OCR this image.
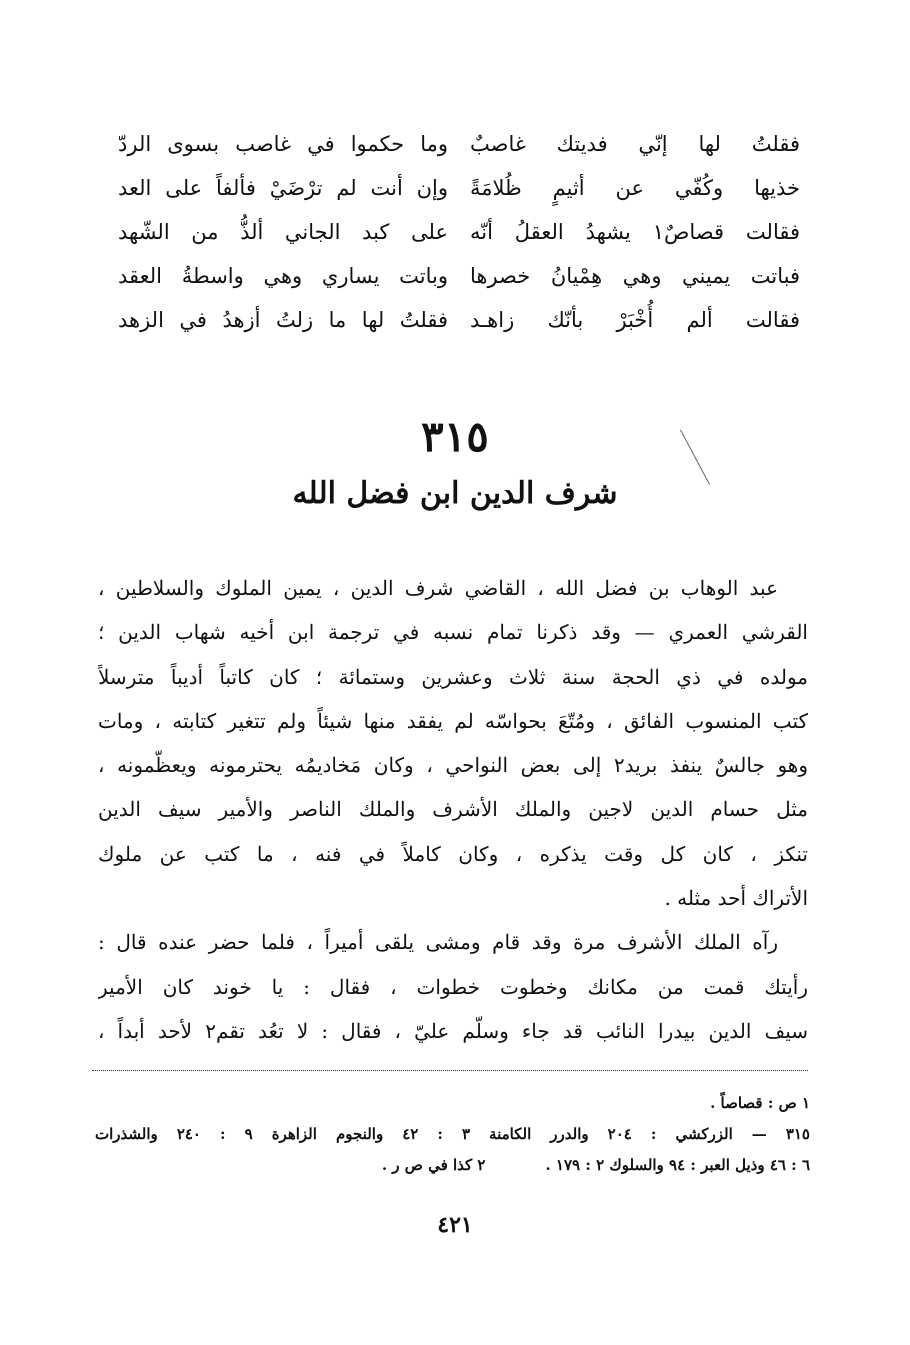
فقلتُ لها إنّي فديتك غاصبٌ
وما حكموا في غاصب بسوى الردّ
خذيها وكُفّي عن أثيمٍ ظُلامَةً
وإن أنت لم ترْضَيْ فألفاً على العد
فقالت قصاصٌ١ يشهدُ العقلُ أنّه
على كبد الجاني ألذُّ من الشّهد
فباتت يميني وهي هِمْيانُ خصرها
وباتت يساري وهي واسطةُ العقد
فقالت ألم أُخْبَرْ بأنّك زاهـد
فقلتُ لها ما زلتُ أزهدُ في الزهد
٣١٥
شرف الدين ابن فضل الله
عبد الوهاب بن فضل الله ، القاضي شرف الدين ، يمين الملوك والسلاطين ،
القرشي العمري — وقد ذكرنا تمام نسبه في ترجمة ابن أخيه شهاب الدين ؛
مولده في ذي الحجة سنة ثلاث وعشرين وستمائة ؛ كان كاتباً أديباً مترسلاً
كتب المنسوب الفائق ، ومُتّعَ بحواسّه لم يفقد منها شيئاً ولم تتغير كتابته ، ومات
وهو جالسٌ ينفذ بريد٢ إلى بعض النواحي ، وكان مَخاديمُه يحترمونه ويعظّمونه ،
مثل حسام الدين لاجين والملك الأشرف والملك الناصر والأمير سيف الدين
تنكز ، كان كل وقت يذكره ، وكان كاملاً في فنه ، ما كتب عن ملوك
الأتراك أحد مثله .
رآه الملك الأشرف مرة وقد قام ومشى يلقى أميراً ، فلما حضر عنده قال :
رأيتك قمت من مكانك وخطوت خطوات ، فقال : يا خوند كان الأمير
سيف الدين بيدرا النائب قد جاء وسلّم عليّ ، فقال : لا تعُد تقم٢ لأحد أبداً ،
١ ص : قصاصاً .
٣١٥ — الزركشي : ٢٠٤ والدرر الكامنة ٣ : ٤٢ والنجوم الزاهرة ٩ : ٢٤٠ والشذرات
٦ : ٤٦ وذيل العبر : ٩٤ والسلوك ٢ : ١٧٩ .
٢ كذا في ص ر .
٤٢١
